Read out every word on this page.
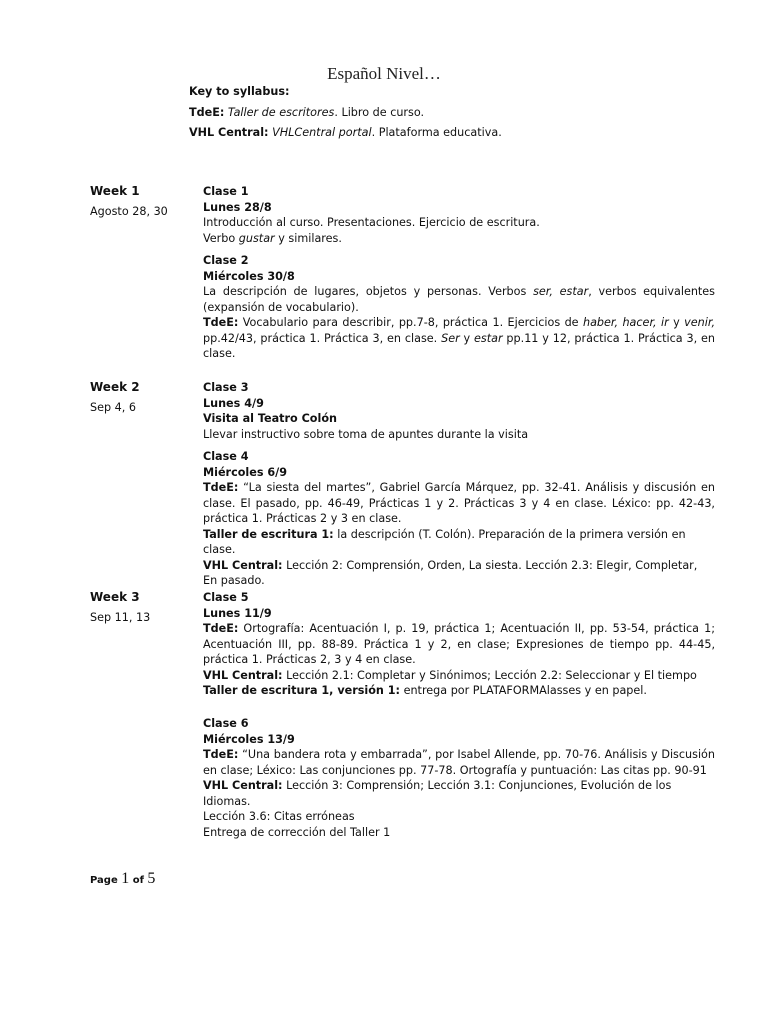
Español Nivel…
Key to syllabus:
TdeE: Taller de escritores. Libro de curso.
VHL Central: VHLCentral portal. Plataforma educativa.
Week 1
Agosto 28, 30
Week 2
Sep 4, 6
Week 3
Sep 11, 13
Clase 1
Lunes 28/8

Introducción al curso. Presentaciones. Ejercicio de escritura.

Verbo gustar y similares.

Clase 2
Miércoles 30/8

La descripción de lugares, objetos y personas. Verbos ser, estar, verbos equivalentes (expansión de vocabulario).

TdeE: Vocabulario para describir, pp.7-8, práctica 1. Ejercicios de haber, hacer, ir y venir, pp.42/43, práctica 1. Práctica 3, en clase. Ser y estar pp.11 y 12, práctica 1. Práctica 3, en clase.

Clase 3
Lunes 4/9
Visita al Teatro Colón

Llevar instructivo sobre toma de apuntes durante la visita

Clase 4
Miércoles 6/9

TdeE: “La siesta del martes”, Gabriel García Márquez, pp. 32-41. Análisis y discusión en clase. El pasado, pp. 46-49, Prácticas 1 y 2. Prácticas 3 y 4 en clase. Léxico: pp. 42-43, práctica 1. Prácticas 2 y 3 en clase.

Taller de escritura 1: la descripción (T. Colón). Preparación de la primera versión en clase.

VHL Central: Lección 2: Comprensión, Orden, La siesta. Lección 2.3: Elegir, Completar, En pasado.

Clase 5
Lunes 11/9

TdeE: Ortografía: Acentuación I, p. 19, práctica 1; Acentuación II, pp. 53-54, práctica 1; Acentuación III, pp. 88-89. Práctica 1 y 2, en clase; Expresiones de tiempo pp. 44-45, práctica 1. Prácticas 2, 3 y 4 en clase.

VHL Central: Lección 2.1: Completar y Sinónimos; Lección 2.2: Seleccionar y El tiempo

Taller de escritura 1, versión 1: entrega por PLATAFORMAlasses y en papel.

Clase 6
Miércoles 13/9

TdeE: “Una bandera rota y embarrada”, por Isabel Allende, pp. 70-76. Análisis y Discusión en clase; Léxico: Las conjunciones pp. 77-78. Ortografía y puntuación: Las citas pp. 90-91

VHL Central: Lección 3: Comprensión; Lección 3.1: Conjunciones, Evolución de los Idiomas.

Lección 3.6: Citas erróneas

Entrega de corrección del Taller 1

Page 1 of 5
